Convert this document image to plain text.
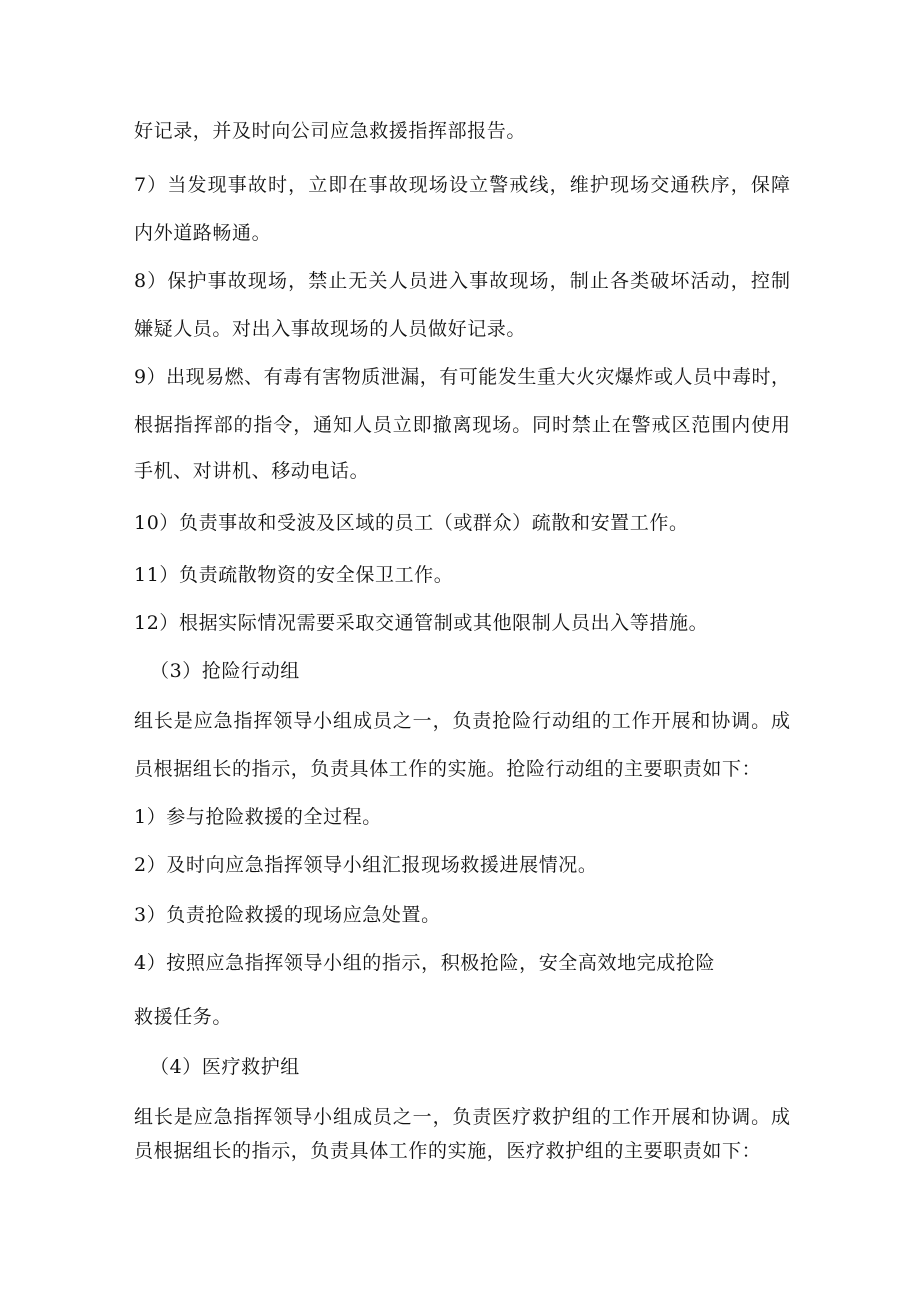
好记录，并及时向公司应急救援指挥部报告。

7）当发现事故时，立即在事故现场设立警戒线，维护现场交通秩序，保障

内外道路畅通。

8）保护事故现场，禁止无关人员进入事故现场，制止各类破坏活动，控制

嫌疑人员。对出入事故现场的人员做好记录。

9）出现易燃、有毒有害物质泄漏，有可能发生重大火灾爆炸或人员中毒时，

根据指挥部的指令，通知人员立即撤离现场。同时禁止在警戒区范围内使用

手机、对讲机、移动电话。

10）负责事故和受波及区域的员工（或群众）疏散和安置工作。

11）负责疏散物资的安全保卫工作。

12）根据实际情况需要采取交通管制或其他限制人员出入等措施。

（3）抢险行动组

组长是应急指挥领导小组成员之一，负责抢险行动组的工作开展和协调。成

员根据组长的指示，负责具体工作的实施。抢险行动组的主要职责如下：

1）参与抢险救援的全过程。

2）及时向应急指挥领导小组汇报现场救援进展情况。

3）负责抢险救援的现场应急处置。

4）按照应急指挥领导小组的指示，积极抢险，安全高效地完成抢险

救援任务。

（4）医疗救护组

组长是应急指挥领导小组成员之一，负责医疗救护组的工作开展和协调。成

员根据组长的指示，负责具体工作的实施，医疗救护组的主要职责如下：
